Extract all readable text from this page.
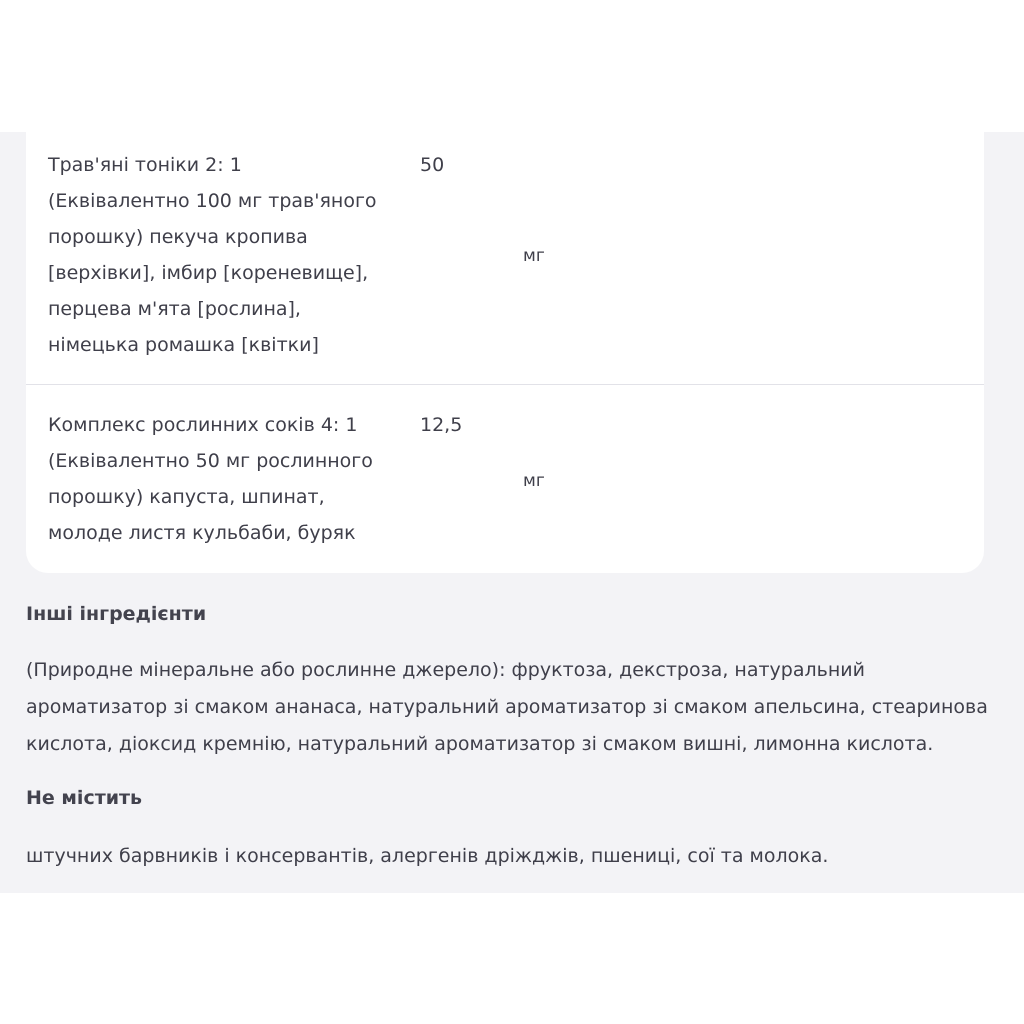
Трав'яні тоніки 2: 1
(Еквівалентно 100 мг трав'яного
порошку) пекуча кропива
[верхівки], імбир [кореневище],
перцева м'ята [рослина],
німецька ромашка [квітки]
50
мг
Комплекс рослинних соків 4: 1
(Еквівалентно 50 мг рослинного
порошку) капуста, шпинат,
молоде листя кульбаби, буряк
12,5
мг
Інші інгредієнти
(Природне мінеральне або рослинне джерело): фруктоза, декстроза, натуральний
ароматизатор зі смаком ананаса, натуральний ароматизатор зі смаком апельсина, стеаринова
кислота, діоксид кремнію, натуральний ароматизатор зі смаком вишні, лимонна кислота.
Не містить
штучних барвників і консервантів, алергенів дріжджів, пшениці, сої та молока.
